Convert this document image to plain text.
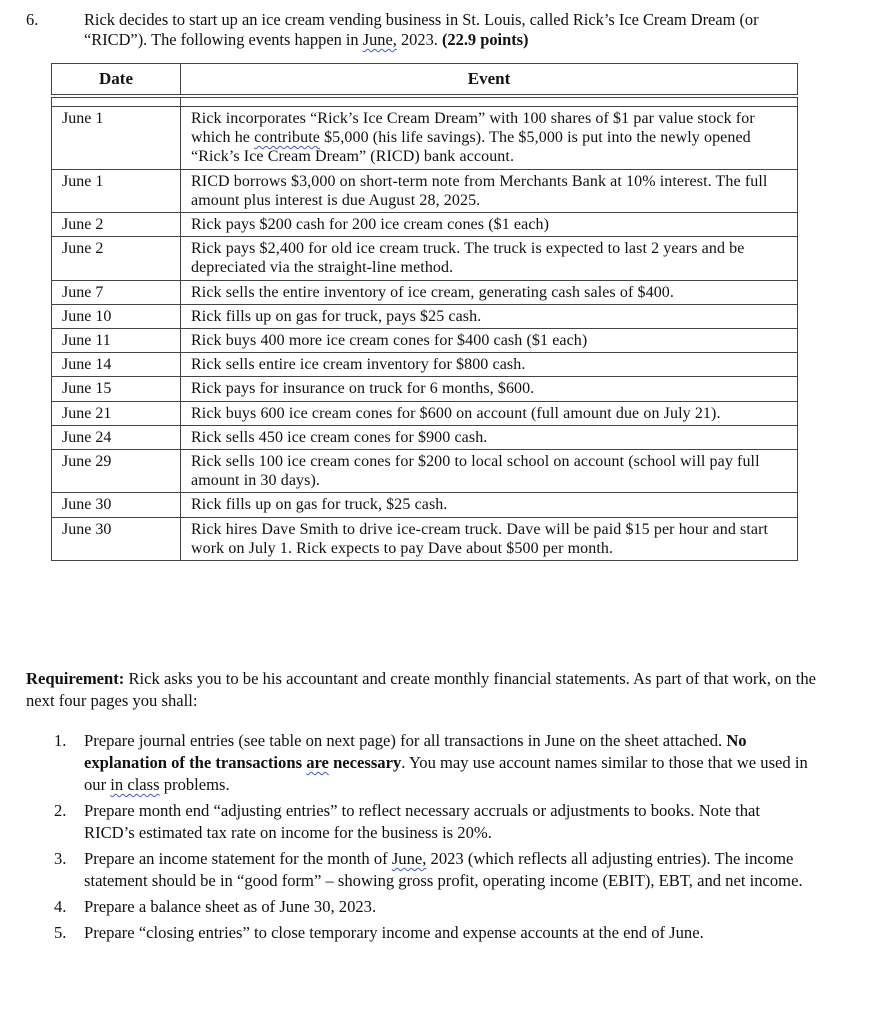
6.	Rick decides to start up an ice cream vending business in St. Louis, called Rick’s Ice Cream Dream (or “RICD”). The following events happen in June, 2023. (22.9 points)
Date	Event

June 1	Rick incorporates “Rick’s Ice Cream Dream” with 100 shares of $1 par value stock for which he contribute $5,000 (his life savings). The $5,000 is put into the newly opened “Rick’s Ice Cream Dream” (RICD) bank account.
June 1	RICD borrows $3,000 on short-term note from Merchants Bank at 10% interest. The full amount plus interest is due August 28, 2025.
June 2	Rick pays $200 cash for 200 ice cream cones ($1 each)
June 2	Rick pays $2,400 for old ice cream truck. The truck is expected to last 2 years and be depreciated via the straight-line method.
June 7	Rick sells the entire inventory of ice cream, generating cash sales of $400.
June 10	Rick fills up on gas for truck, pays $25 cash.
June 11	Rick buys 400 more ice cream cones for $400 cash ($1 each)
June 14	Rick sells entire ice cream inventory for $800 cash.
June 15	Rick pays for insurance on truck for 6 months, $600.
June 21	Rick buys 600 ice cream cones for $600 on account (full amount due on July 21).
June 24	Rick sells 450 ice cream cones for $900 cash.
June 29	Rick sells 100 ice cream cones for $200 to local school on account (school will pay full amount in 30 days).
June 30	Rick fills up on gas for truck, $25 cash.
June 30	Rick hires Dave Smith to drive ice-cream truck. Dave will be paid $15 per hour and start work on July 1. Rick expects to pay Dave about $500 per month.
Requirement: Rick asks you to be his accountant and create monthly financial statements. As part of that work, on the next four pages you shall:
1. Prepare journal entries (see table on next page) for all transactions in June on the sheet attached. No explanation of the transactions are necessary. You may use account names similar to those that we used in our in class problems.
2. Prepare month end “adjusting entries” to reflect necessary accruals or adjustments to books. Note that RICD’s estimated tax rate on income for the business is 20%.
3. Prepare an income statement for the month of June, 2023 (which reflects all adjusting entries). The income statement should be in “good form” – showing gross profit, operating income (EBIT), EBT, and net income.
4. Prepare a balance sheet as of June 30, 2023.
5. Prepare “closing entries” to close temporary income and expense accounts at the end of June.
